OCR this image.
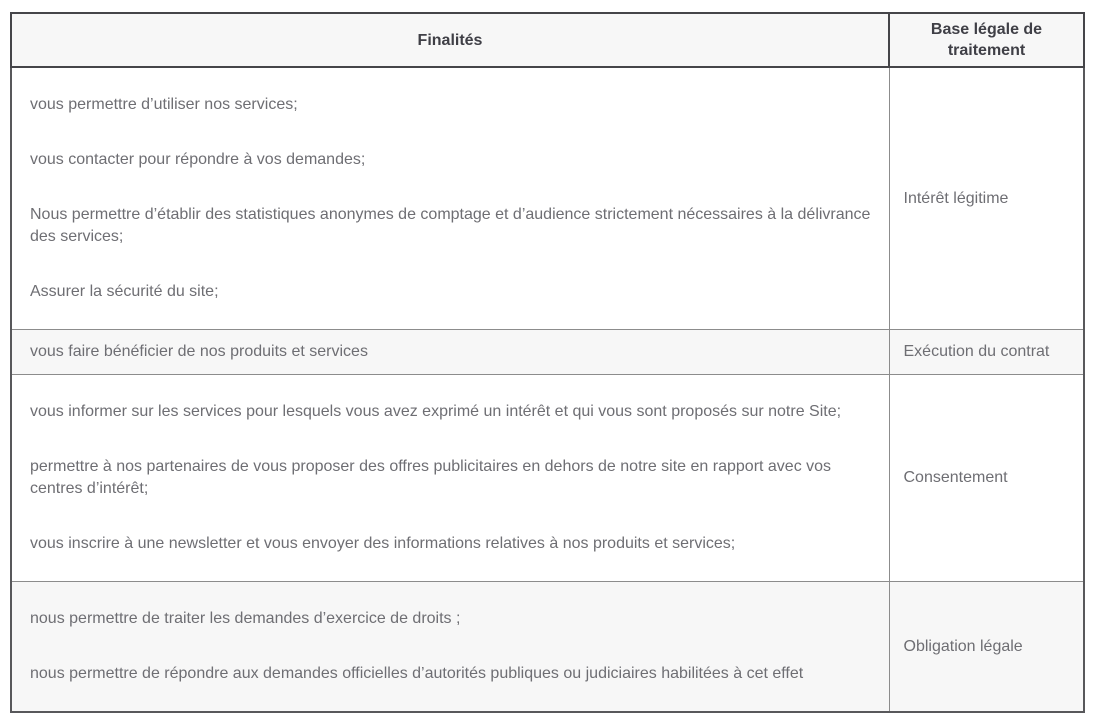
Finalités	Base légale de traitement

vous permettre d’utiliser nos services;

vous contacter pour répondre à vos demandes;

Nous permettre d’établir des statistiques anonymes de comptage et d’audience strictement nécessaires à la délivrance des services;

Assurer la sécurité du site;	Intérêt légitime

vous faire bénéficier de nos produits et services	Exécution du contrat

vous informer sur les services pour lesquels vous avez exprimé un intérêt et qui vous sont proposés sur notre Site;

permettre à nos partenaires de vous proposer des offres publicitaires en dehors de notre site en rapport avec vos centres d’intérêt;

vous inscrire à une newsletter et vous envoyer des informations relatives à nos produits et services;	Consentement

nous permettre de traiter les demandes d’exercice de droits ;

nous permettre de répondre aux demandes officielles d’autorités publiques ou judiciaires habilitées à cet effet	Obligation légale
